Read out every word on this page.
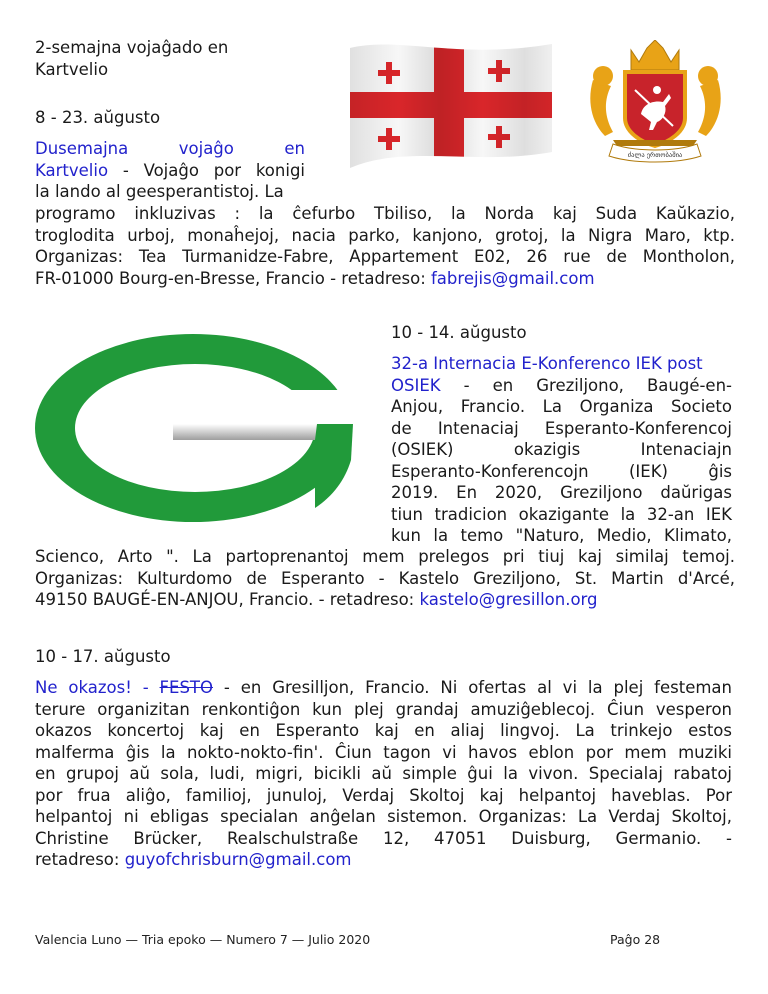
2-semajna vojaĝado en
Kartvelio
ძალა ერთობაშია
8 - 23. aŭgusto
Dusemajna vojaĝo en
Kartvelio - Vojaĝo por konigi
la lando al geesperantistoj. La
programo inkluzivas : la ĉefurbo Tbiliso, la Norda kaj Suda Kaŭkazio,
troglodita urboj, monaĥejoj, nacia parko, kanjono, grotoj, la Nigra Maro, ktp.
Organizas: Tea Turmanidze-Fabre, Appartement E02, 26 rue de Montholon,
FR-01000 Bourg-en-Bresse, Francio - retadreso: fabrejis@gmail.com
10 - 14. aŭgusto
32-a Internacia E-Konferenco IEK post
OSIEK - en Greziljono, Baugé-en-
Anjou, Francio. La Organiza Societo
de Intenaciaj Esperanto-Konferencoj
(OSIEK) okazigis Intenaciajn
Esperanto-Konferencojn (IEK) ĝis
2019. En 2020, Greziljono daŭrigas
tiun tradicion okazigante la 32-an IEK
kun la temo "Naturo, Medio, Klimato,
Scienco, Arto ". La partoprenantoj mem prelegos pri tiuj kaj similaj temoj.
Organizas: Kulturdomo de Esperanto - Kastelo Greziljono, St. Martin d'Arcé,
49150 BAUGÉ-EN-ANJOU, Francio. - retadreso: kastelo@gresillon.org
10 - 17. aŭgusto
Ne okazos! - FESTO - en Gresilljon, Francio. Ni ofertas al vi la plej festeman
terure organizitan renkontiĝon kun plej grandaj amuziĝeblecoj. Ĉiun vesperon
okazos koncertoj kaj en Esperanto kaj en aliaj lingvoj. La trinkejo estos
malferma ĝis la nokto-nokto-fin'. Ĉiun tagon vi havos eblon por mem muziki
en grupoj aŭ sola, ludi, migri, bicikli aŭ simple ĝui la vivon. Specialaj rabatoj
por frua aliĝo, familioj, junuloj, Verdaj Skoltoj kaj helpantoj haveblas. Por
helpantoj ni ebligas specialan anĝelan sistemon. Organizas: La Verdaj Skoltoj,
Christine Brücker, Realschulstraße 12, 47051 Duisburg, Germanio. -
retadreso: guyofchrisburn@gmail.com
Valencia Luno — Tria epoko — Numero 7 — Julio 2020	Paĝo 28
